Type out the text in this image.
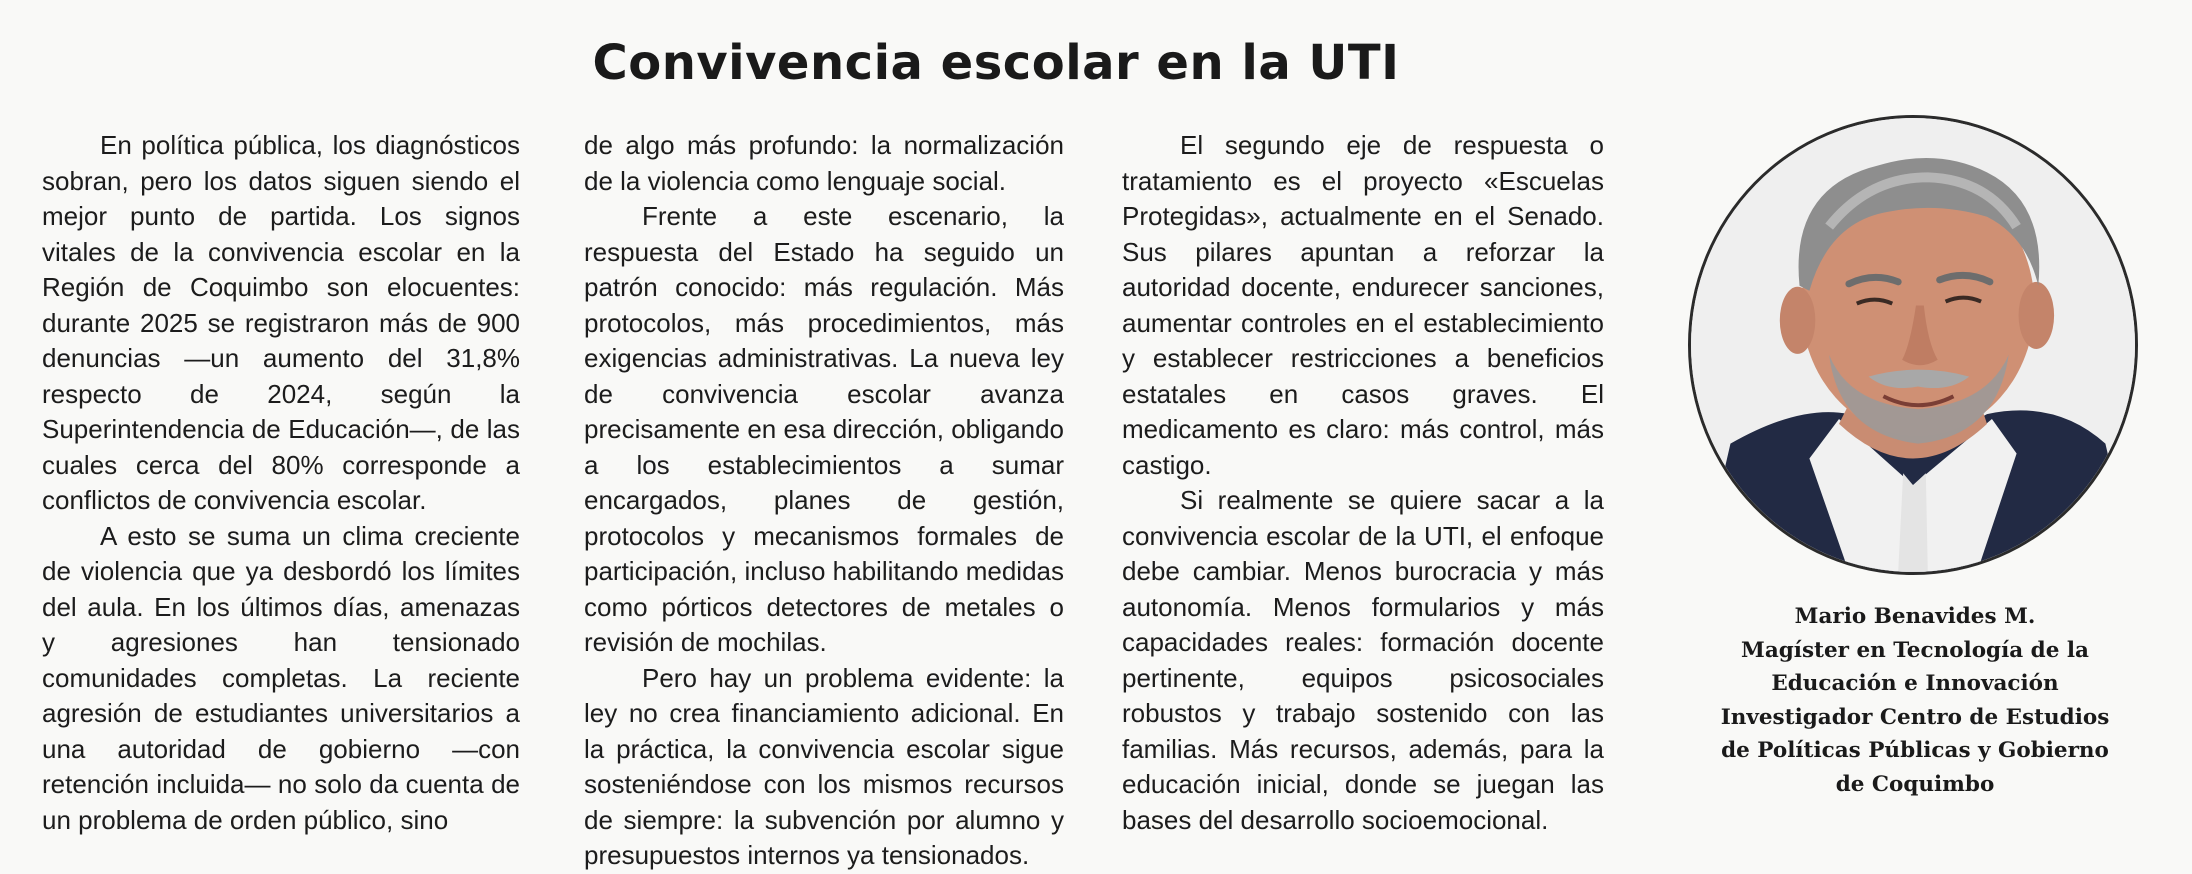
Convivencia escolar en la UTI

En política pública, los diagnósticos sobran, pero los datos siguen siendo el mejor punto de partida. Los signos vitales de la convivencia escolar en la Región de Coquimbo son elocuentes: durante 2025 se registraron más de 900 denuncias —un aumento del 31,8% respecto de 2024, según la Superintendencia de Educación—, de las cuales cerca del 80% corresponde a conflictos de convivencia escolar.

A esto se suma un clima creciente de violencia que ya desbordó los límites del aula. En los últimos días, amenazas y agresiones han tensionado comunidades completas. La reciente agresión de estudiantes universitarios a una autoridad de gobierno —con retención incluida— no solo da cuenta de un problema de orden público, sino

de algo más profundo: la normalización de la violencia como lenguaje social.

Frente a este escenario, la respuesta del Estado ha seguido un patrón conocido: más regulación. Más protocolos, más procedimientos, más exigencias administrativas. La nueva ley de convivencia escolar avanza precisamente en esa dirección, obligando a los establecimientos a sumar encargados, planes de gestión, protocolos y mecanismos formales de participación, incluso habilitando medidas como pórticos detectores de metales o revisión de mochilas.

Pero hay un problema evidente: la ley no crea financiamiento adicional. En la práctica, la convivencia escolar sigue sosteniéndose con los mismos recursos de siempre: la subvención por alumno y presupuestos internos ya tensionados.

El segundo eje de respuesta o tratamiento es el proyecto «Escuelas Protegidas», actualmente en el Senado. Sus pilares apuntan a reforzar la autoridad docente, endurecer sanciones, aumentar controles en el establecimiento y establecer restricciones a beneficios estatales en casos graves. El medicamento es claro: más control, más castigo.

Si realmente se quiere sacar a la convivencia escolar de la UTI, el enfoque debe cambiar. Menos burocracia y más autonomía. Menos formularios y más capacidades reales: formación docente pertinente, equipos psicosociales robustos y trabajo sostenido con las familias. Más recursos, además, para la educación inicial, donde se juegan las bases del desarrollo socioemocional.

Mario Benavides M.
Magíster en Tecnología de la
Educación e Innovación
Investigador Centro de Estudios
de Políticas Públicas y Gobierno
de Coquimbo
